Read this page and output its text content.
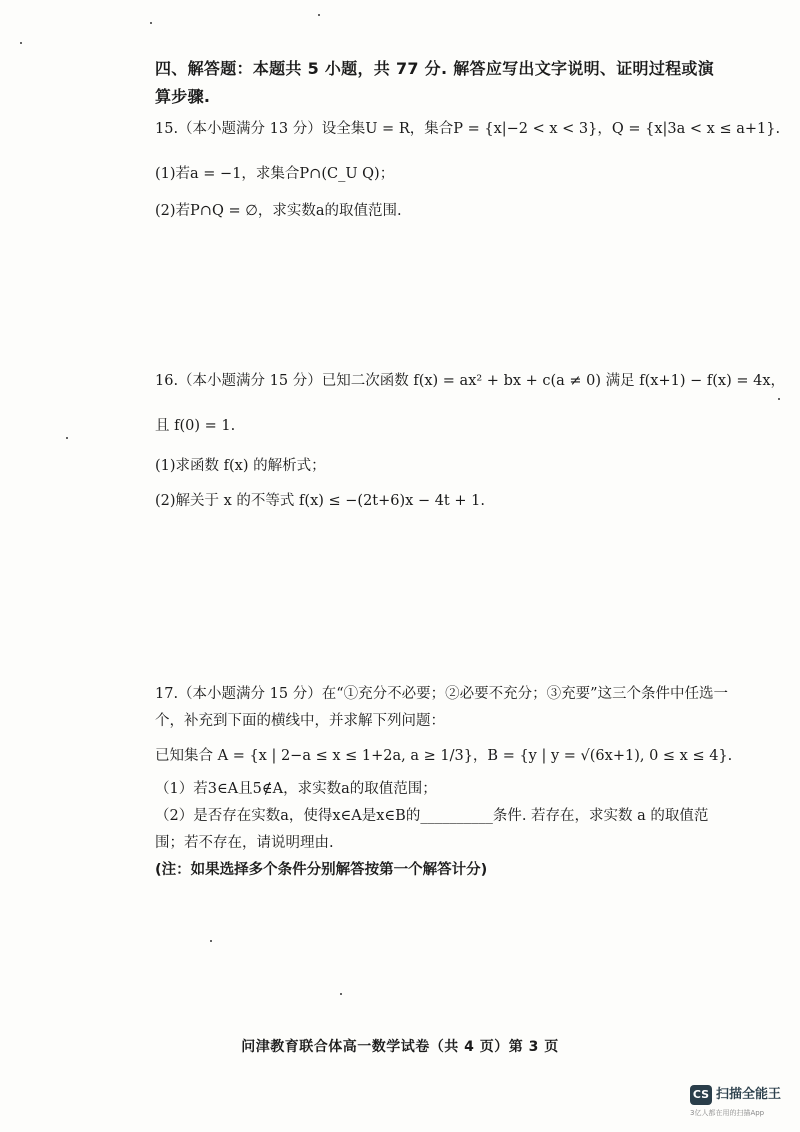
四、解答题：本题共 5 小题，共 77 分. 解答应写出文字说明、证明过程或演
算步骤.
15.（本小题满分 13 分）设全集U = R，集合P = {x|−2 < x < 3}，Q = {x|3a < x ≤ a+1}.
(1)若a = −1，求集合P∩(C_U Q)；
(2)若P∩Q = ∅，求实数a的取值范围.
16.（本小题满分 15 分）已知二次函数 f(x) = ax² + bx + c(a ≠ 0) 满足 f(x+1) − f(x) = 4x，
且 f(0) = 1.
(1)求函数 f(x) 的解析式；
(2)解关于 x 的不等式 f(x) ≤ −(2t+6)x − 4t + 1.
17.（本小题满分 15 分）在“①充分不必要；②必要不充分；③充要”这三个条件中任选一
个，补充到下面的横线中，并求解下列问题：
已知集合 A = {x | 2−a ≤ x ≤ 1+2a, a ≥ 1/3}，B = {y | y = √(6x+1), 0 ≤ x ≤ 4}.
（1）若3∈A且5∉A，求实数a的取值范围；
（2）是否存在实数a，使得x∈A是x∈B的__________条件. 若存在，求实数 a 的取值范
围；若不存在，请说明理由.
(注：如果选择多个条件分别解答按第一个解答计分)
问津教育联合体高一数学试卷（共 4 页）第 3 页
CS 扫描全能王
3亿人都在用的扫描App
